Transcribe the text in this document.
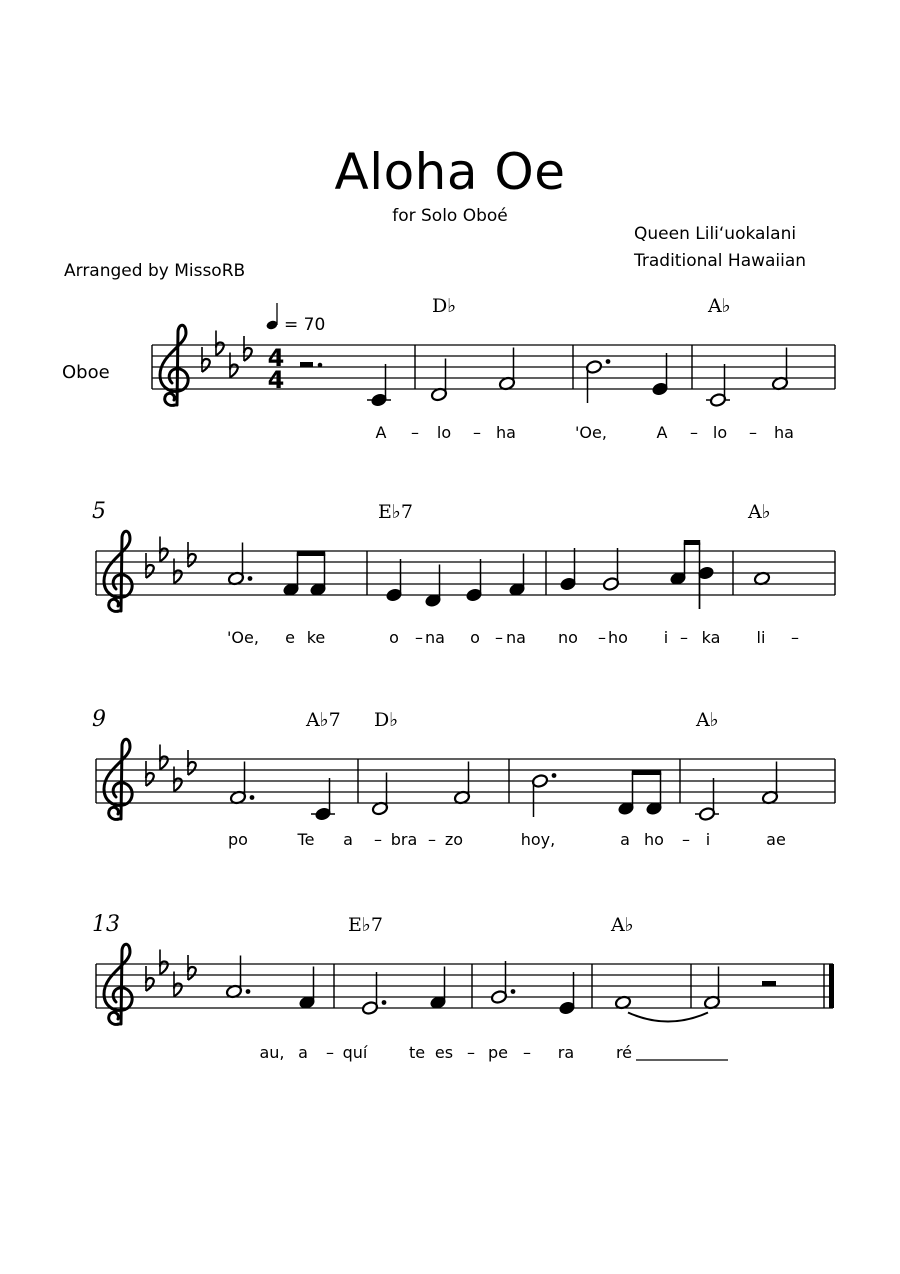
Aloha Oe
for Solo Oboé
Queen Lili‘uokalani
Traditional Hawaiian
Arranged by MissoRB
Oboe
4
4
= 70
D♭	A♭
A – lo – ha	'Oe,	A – lo – ha
5	E♭7	A♭
'Oe, e ke	o – na o – na no – ho i – ka li –
9	A♭7 D♭	A♭
po	Te a – bra – zo	hoy,	a ho – i	ae
13	E♭7	A♭
au, a – quí	te es – pe – ra	ré
